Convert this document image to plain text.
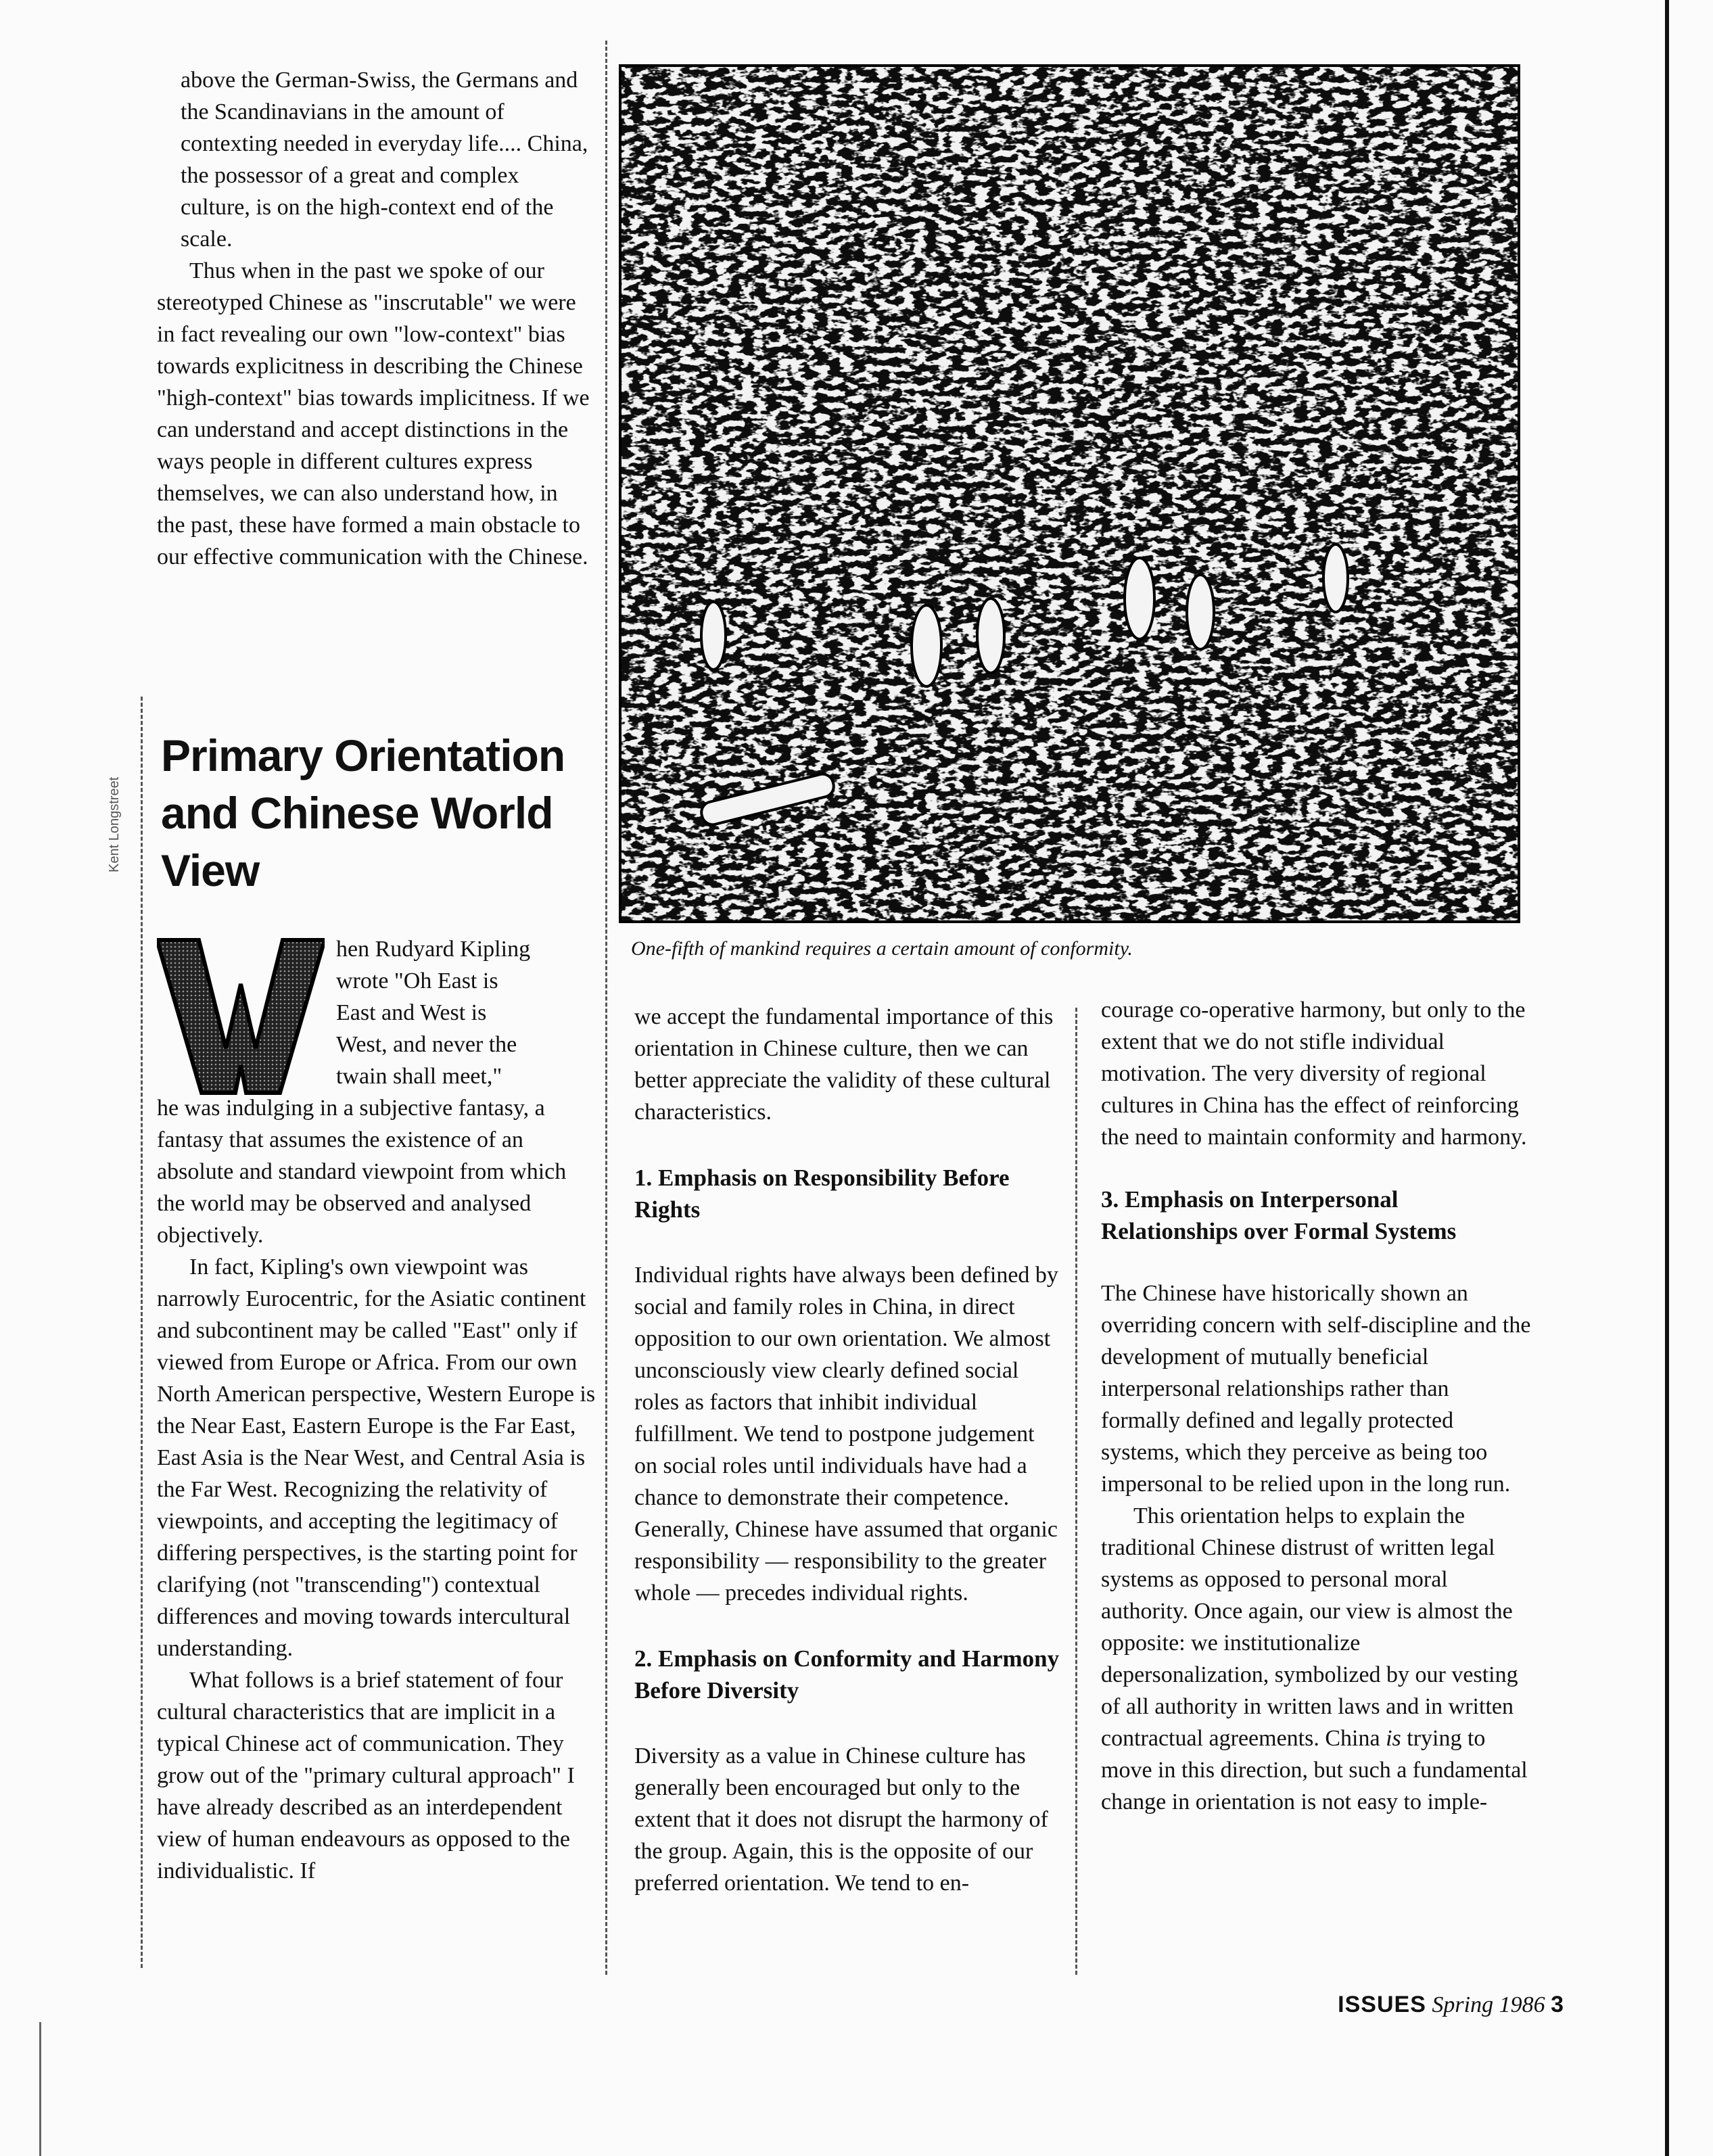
above the German-Swiss, the Germans and the Scandinavians in the amount of contexting needed in everyday life.... China, the possessor of a great and complex culture, is on the high-context end of the scale.

Thus when in the past we spoke of our stereotyped Chinese as "inscrutable" we were in fact revealing our own "low-context" bias towards explicitness in describing the Chinese "high-context" bias towards implicitness. If we can understand and accept distinctions in the ways people in different cultures express themselves, we can also understand how, in the past, these have formed a main obstacle to our effective communication with the Chinese.

Kent Longstreet
Primary Orientation and Chinese World View
W	hen Rudyard Kipling
wrote "Oh East is
East and West is
West, and never the
twain shall meet,"

he was indulging in a subjective fantasy, a fantasy that assumes the existence of an absolute and standard viewpoint from which the world may be observed and analysed objectively.

In fact, Kipling's own viewpoint was narrowly Eurocentric, for the Asiatic continent and subcontinent may be called "East" only if viewed from Europe or Africa. From our own North American perspective, Western Europe is the Near East, Eastern Europe is the Far East, East Asia is the Near West, and Central Asia is the Far West. Recognizing the relativity of viewpoints, and accepting the legitimacy of differing perspectives, is the starting point for clarifying (not "transcending") contextual differences and moving towards intercultural understanding.

What follows is a brief statement of four cultural characteristics that are implicit in a typical Chinese act of communication. They grow out of the "primary cultural approach" I have already described as an interdependent view of human endeavours as opposed to the individualistic. If

One-fifth of mankind requires a certain amount of conformity.

we accept the fundamental importance of this orientation in Chinese culture, then we can better appreciate the validity of these cultural characteristics.

1. Emphasis on Responsibility Before Rights

Individual rights have always been defined by social and family roles in China, in direct opposition to our own orientation. We almost unconsciously view clearly defined social roles as factors that inhibit individual fulfillment. We tend to postpone judgement on social roles until individuals have had a chance to demonstrate their competence. Generally, Chinese have assumed that organic responsibility — responsibility to the greater whole — precedes individual rights.

2. Emphasis on Conformity and Harmony Before Diversity

Diversity as a value in Chinese culture has generally been encouraged but only to the extent that it does not disrupt the harmony of the group. Again, this is the opposite of our preferred orientation. We tend to en-

courage co-operative harmony, but only to the extent that we do not stifle individual motivation. The very diversity of regional cultures in China has the effect of reinforcing the need to maintain conformity and harmony.

3. Emphasis on Interpersonal Relationships over Formal Systems

The Chinese have historically shown an overriding concern with self-discipline and the development of mutually beneficial interpersonal relationships rather than formally defined and legally protected systems, which they perceive as being too impersonal to be relied upon in the long run.

This orientation helps to explain the traditional Chinese distrust of written legal systems as opposed to personal moral authority. Once again, our view is almost the opposite: we institutionalize depersonalization, symbolized by our vesting of all authority in written laws and in written contractual agreements. China is trying to move in this direction, but such a fundamental change in orientation is not easy to imple-

ISSUES Spring 1986 3
